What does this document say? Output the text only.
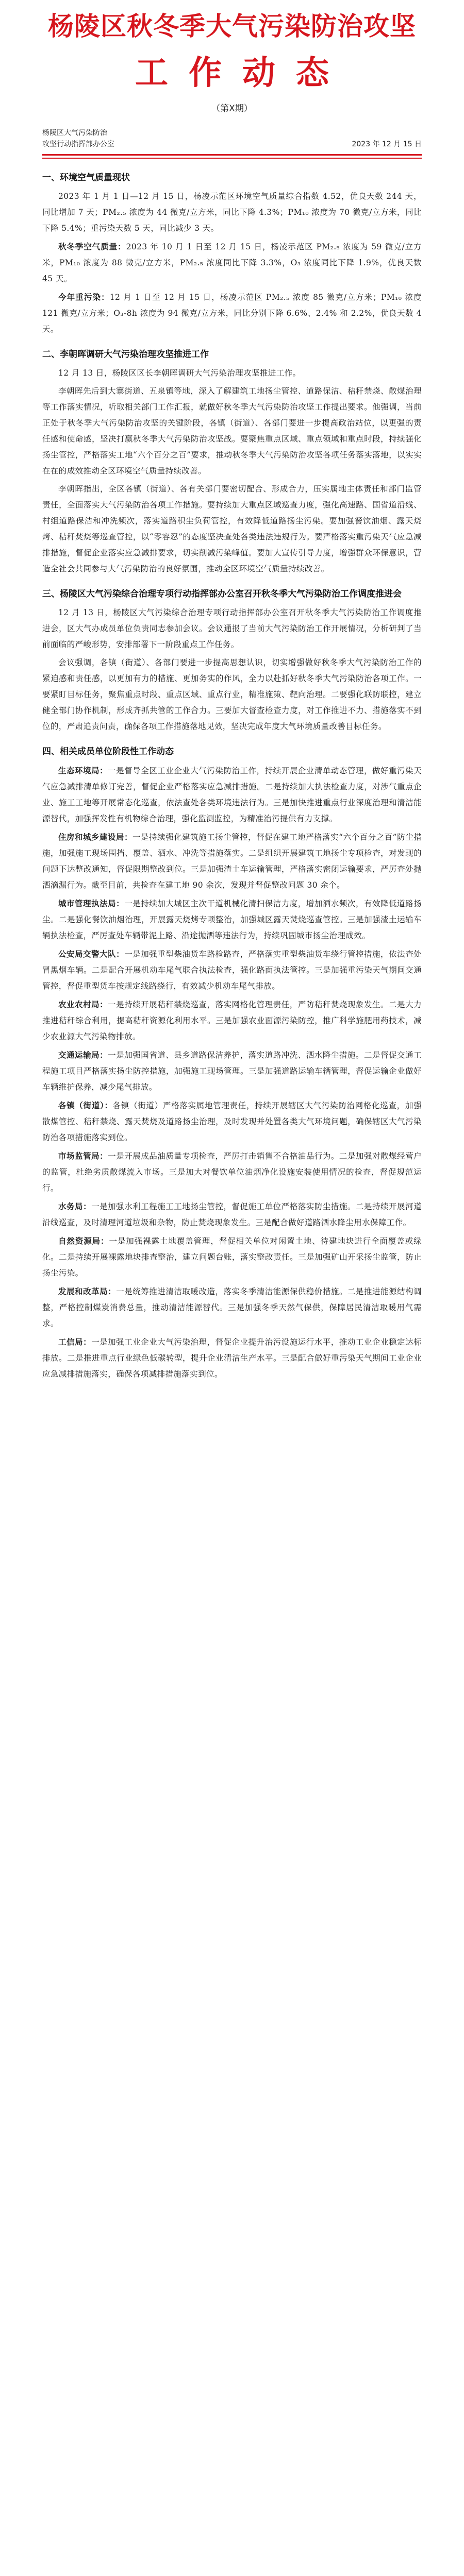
杨陵区秋冬季大气污染防治攻坚
工作动态
（第X期）
杨陵区大气污染防治
攻坚行动指挥部办公室	2023 年 12 月 15 日
一、环境空气质量现状

2023 年 1 月 1 日—12 月 15 日，杨凌示范区环境空气质量综合指数 4.52，优良天数 244 天，同比增加 7 天；PM₂.₅ 浓度为 44 微克/立方米，同比下降 4.3%；PM₁₀ 浓度为 70 微克/立方米，同比下降 5.4%；重污染天数 5 天，同比减少 3 天。

秋冬季空气质量：2023 年 10 月 1 日至 12 月 15 日，杨凌示范区 PM₂.₅ 浓度为 59 微克/立方米，PM₁₀ 浓度为 88 微克/立方米，PM₂.₅ 浓度同比下降 3.3%，O₃ 浓度同比下降 1.9%，优良天数 45 天。

今年重污染：12 月 1 日至 12 月 15 日，杨凌示范区 PM₂.₅ 浓度 85 微克/立方米；PM₁₀ 浓度 121 微克/立方米；O₃-8h 浓度为 94 微克/立方米，同比分别下降 6.6%、2.4% 和 2.2%，优良天数 4 天。

二、李朝晖调研大气污染治理攻坚推进工作

12 月 13 日，杨陵区区长李朝晖调研大气污染治理攻坚推进工作。

李朝晖先后到大寨街道、五泉镇等地，深入了解建筑工地扬尘管控、道路保洁、秸秆禁烧、散煤治理等工作落实情况，听取相关部门工作汇报，就做好秋冬季大气污染防治攻坚工作提出要求。他强调，当前正处于秋冬季大气污染防治攻坚的关键阶段，各镇（街道）、各部门要进一步提高政治站位，以更强的责任感和使命感，坚决打赢秋冬季大气污染防治攻坚战。要聚焦重点区域、重点领域和重点时段，持续强化扬尘管控，严格落实工地“六个百分之百”要求，推动秋冬季大气污染防治攻坚各项任务落实落地，以实实在在的成效推动全区环境空气质量持续改善。

李朝晖指出，全区各镇（街道）、各有关部门要密切配合、形成合力，压实属地主体责任和部门监管责任，全面落实大气污染防治各项工作措施。要持续加大重点区域巡查力度，强化高速路、国省道沿线、村组道路保洁和冲洗频次，落实道路积尘负荷管控，有效降低道路扬尘污染。要加强餐饮油烟、露天烧烤、秸秆焚烧等巡查管控，以“零容忍”的态度坚决查处各类违法违规行为。要严格落实重污染天气应急减排措施，督促企业落实应急减排要求，切实削减污染峰值。要加大宣传引导力度，增强群众环保意识，营造全社会共同参与大气污染防治的良好氛围，推动全区环境空气质量持续改善。

三、杨陵区大气污染综合治理专项行动指挥部办公室召开秋冬季大气污染防治工作调度推进会

12 月 13 日，杨陵区大气污染综合治理专项行动指挥部办公室召开秋冬季大气污染防治工作调度推进会，区大气办成员单位负责同志参加会议。会议通报了当前大气污染防治工作开展情况，分析研判了当前面临的严峻形势，安排部署下一阶段重点工作任务。

会议强调，各镇（街道）、各部门要进一步提高思想认识，切实增强做好秋冬季大气污染防治工作的紧迫感和责任感，以更加有力的措施、更加务实的作风，全力以赴抓好秋冬季大气污染防治各项工作。一要紧盯目标任务，聚焦重点时段、重点区域、重点行业，精准施策、靶向治理。二要强化联防联控，建立健全部门协作机制，形成齐抓共管的工作合力。三要加大督查检查力度，对工作推进不力、措施落实不到位的，严肃追责问责，确保各项工作措施落地见效，坚决完成年度大气环境质量改善目标任务。

四、相关成员单位阶段性工作动态

生态环境局：一是督导全区工业企业大气污染防治工作，持续开展企业清单动态管理，做好重污染天气应急减排清单修订完善，督促企业严格落实应急减排措施。二是持续加大执法检查力度，对涉气重点企业、施工工地等开展常态化巡查，依法查处各类环境违法行为。三是加快推进重点行业深度治理和清洁能源替代，加强挥发性有机物综合治理，强化监测监控，为精准治污提供有力支撑。

住房和城乡建设局：一是持续强化建筑施工扬尘管控，督促在建工地严格落实“六个百分之百”防尘措施，加强施工现场围挡、覆盖、洒水、冲洗等措施落实。二是组织开展建筑工地扬尘专项检查，对发现的问题下达整改通知，督促限期整改到位。三是加强渣土车运输管理，严格落实密闭运输要求，严厉查处抛洒滴漏行为。截至目前，共检查在建工地 90 余次，发现并督促整改问题 30 余个。

城市管理执法局：一是持续加大城区主次干道机械化清扫保洁力度，增加洒水频次，有效降低道路扬尘。二是强化餐饮油烟治理，开展露天烧烤专项整治，加强城区露天焚烧巡查管控。三是加强渣土运输车辆执法检查，严厉查处车辆带泥上路、沿途抛洒等违法行为，持续巩固城市扬尘治理成效。

公安局交警大队：一是加强重型柴油货车路检路查，严格落实重型柴油货车绕行管控措施，依法查处冒黑烟车辆。二是配合开展机动车尾气联合执法检查，强化路面执法管控。三是加强重污染天气期间交通管控，督促重型货车按规定线路绕行，有效减少机动车尾气排放。

农业农村局：一是持续开展秸秆禁烧巡查，落实网格化管理责任，严防秸秆焚烧现象发生。二是大力推进秸秆综合利用，提高秸秆资源化利用水平。三是加强农业面源污染防控，推广科学施肥用药技术，减少农业源大气污染物排放。

交通运输局：一是加强国省道、县乡道路保洁养护，落实道路冲洗、洒水降尘措施。二是督促交通工程施工项目严格落实扬尘防控措施，加强施工现场管理。三是加强道路运输车辆管理，督促运输企业做好车辆维护保养，减少尾气排放。

各镇（街道）：各镇（街道）严格落实属地管理责任，持续开展辖区大气污染防治网格化巡查，加强散煤管控、秸秆禁烧、露天焚烧及道路扬尘治理，及时发现并处置各类大气环境问题，确保辖区大气污染防治各项措施落实到位。

市场监管局：一是开展成品油质量专项检查，严厉打击销售不合格油品行为。二是加强对散煤经营户的监管，杜绝劣质散煤流入市场。三是加大对餐饮单位油烟净化设施安装使用情况的检查，督促规范运行。

水务局：一是加强水利工程施工工地扬尘管控，督促施工单位严格落实防尘措施。二是持续开展河道沿线巡查，及时清理河道垃圾和杂物，防止焚烧现象发生。三是配合做好道路洒水降尘用水保障工作。

自然资源局：一是加强裸露土地覆盖管理，督促相关单位对闲置土地、待建地块进行全面覆盖或绿化。二是持续开展裸露地块排查整治，建立问题台账，落实整改责任。三是加强矿山开采扬尘监管，防止扬尘污染。

发展和改革局：一是统筹推进清洁取暖改造，落实冬季清洁能源保供稳价措施。二是推进能源结构调整，严格控制煤炭消费总量，推动清洁能源替代。三是加强冬季天然气保供，保障居民清洁取暖用气需求。

工信局：一是加强工业企业大气污染治理，督促企业提升治污设施运行水平，推动工业企业稳定达标排放。二是推进重点行业绿色低碳转型，提升企业清洁生产水平。三是配合做好重污染天气期间工业企业应急减排措施落实，确保各项减排措施落实到位。
